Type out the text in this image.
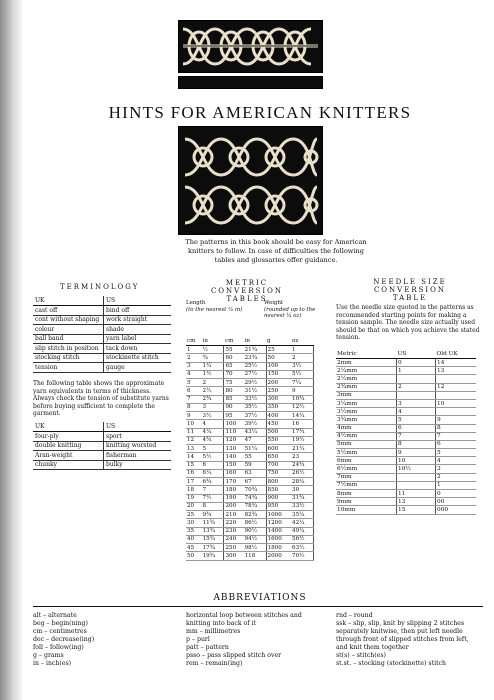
HINTS FOR AMERICAN KNITTERS
The patterns in this book should be easy for American knitters to follow. In case of difficulties the following tables and glossaries offer guidance.
TERMINOLOGY	METRIC
CONVERSION
TABLES
NEEDLE SIZE
CONVERSION TABLE
UK	US
cast off	bind off
cont without shaping	work straight
colour	shade
ball band	yarn label
slip stitch in position	tack down
stocking stitch	stockinette stitch
tension	gauge
The following table shows the approximate yarn equivalents in terms of thickness. Always check the tension of substitute yarns before buying sufficient to complete the garment.
UK	US
four-ply	sport
double knitting	knitting worsted
Aran-weight	fisherman
chunky	bulky
Length
(to the nearest ¼ in)
Weight
(rounded up to the nearest ¼ oz)
cm	in	cm	in	g	oz
1	½	55	21¾	25	1
2	¾	60	23¾	50	2
3	1¼	65	25½	100	3½
4	1½	70	27½	150	5½
5	2	75	29½	200	7¼
6	2½	80	31½	250	9
7	2¾	85	33½	300	10¾
8	3	90	35½	350	12½
9	3½	95	37½	400	14¼
10	4	100	39½	450	16
11	4¼	110	43¼	500	17¾
12	4¾	120	47	550	19½
13	5	130	51¼	600	21¼
14	5½	140	55	650	23
15	6	150	59	700	24¾
16	6¼	160	63	750	26½
17	6¾	170	67	800	28¼
18	7	180	70¾	850	30
19	7½	190	74¾	900	31¾
20	8	200	78¾	950	33½
25	9¾	210	82¾	1000	35¼
30	11¾	220	86½	1200	42¼
35	13¾	230	90½	1400	49¼
40	15¾	240	94½	1600	56½
45	17¾	250	98½	1800	63½
50	19¾	300	118	2000	70½
Use the needle size quoted in the patterns as recommended starting points for making a tension sample. The needle size actually used should be that on which you achieve the stated tension.
Metric	US	Old UK
2mm	0	14
2¼mm	1	13
2½mm		
2¾mm	2	12
3mm		
3¼mm	3	10
3½mm	4	
3¾mm	5	9
4mm	6	8
4½mm	7	7
5mm	8	6
5½mm	9	5
6mm	10	4
6½mm	10½	3
7mm		2
7½mm		1
8mm	11	0
9mm	13	00
10mm	15	000
ABBREVIATIONS
alt – alternate
beg – begin(ning)
cm – centimetres
dec – decrease(ing)
foll – follow(ing)
g – grams
in – inch(es)
horizontal loop between stitches and
knitting into back of it
mm – millimetres
p – purl
patt – pattern
psso – pass slipped stitch over
rem – remain(ing)
rnd – round
ssk – slip, slip, knit by slipping 2 stitches
separately knitwise, then put left needle
through front of slipped stitches from left,
and knit them together
st(s) – stitch(es)
st.st. – stocking (stockinette) stitch
